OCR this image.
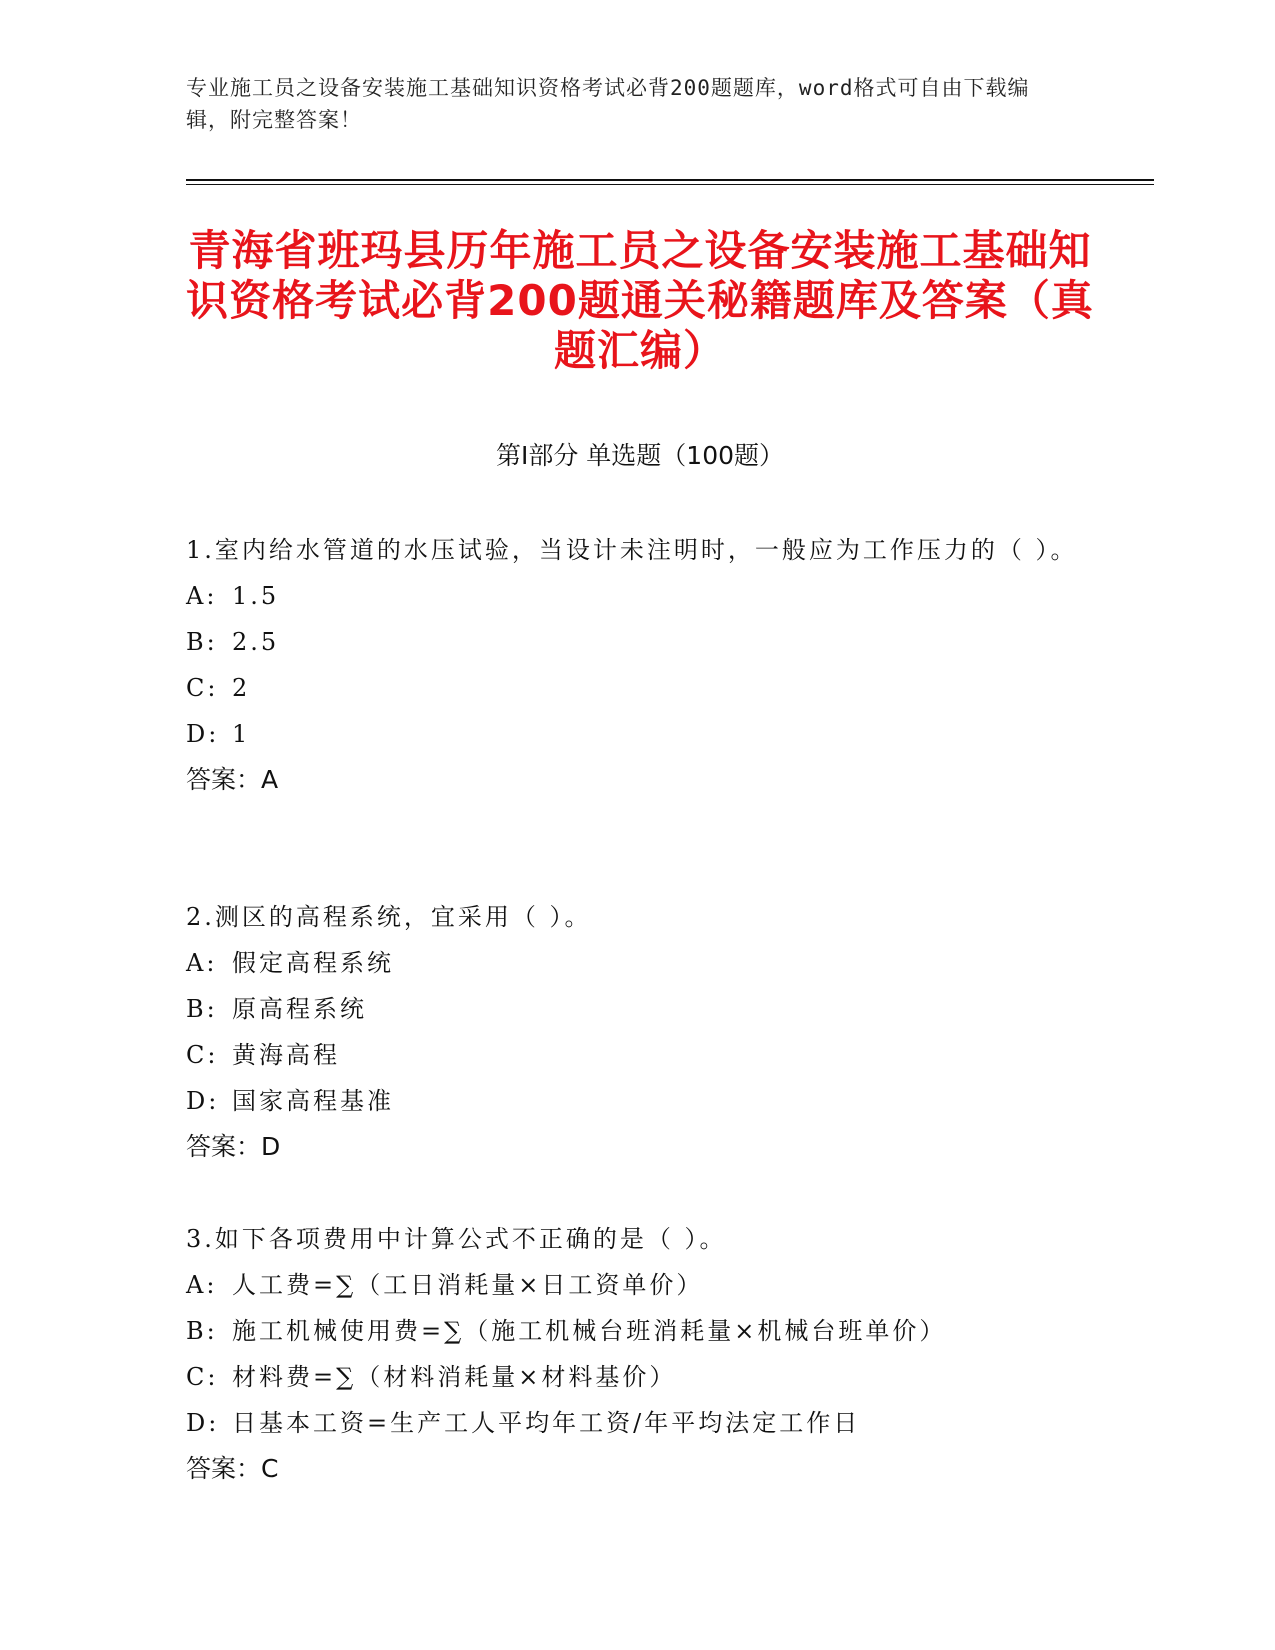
专业施工员之设备安装施工基础知识资格考试必背200题题库，word格式可自由下载编辑，附完整答案！
青海省班玛县历年施工员之设备安装施工基础知识资格考试必背200题通关秘籍题库及答案（真题汇编）
第Ⅰ部分 单选题（100题）
1.室内给水管道的水压试验，当设计未注明时，一般应为工作压力的（ ）。
A: 1.5
B: 2.5
C: 2
D: 1
答案：A
2.测区的高程系统，宜采用（ ）。
A: 假定高程系统
B: 原高程系统
C: 黄海高程
D: 国家高程基准
答案：D
3.如下各项费用中计算公式不正确的是（ ）。
A: 人工费=∑（工日消耗量×日工资单价）
B: 施工机械使用费=∑（施工机械台班消耗量×机械台班单价）
C: 材料费=∑（材料消耗量×材料基价）
D: 日基本工资=生产工人平均年工资/年平均法定工作日
答案：C
